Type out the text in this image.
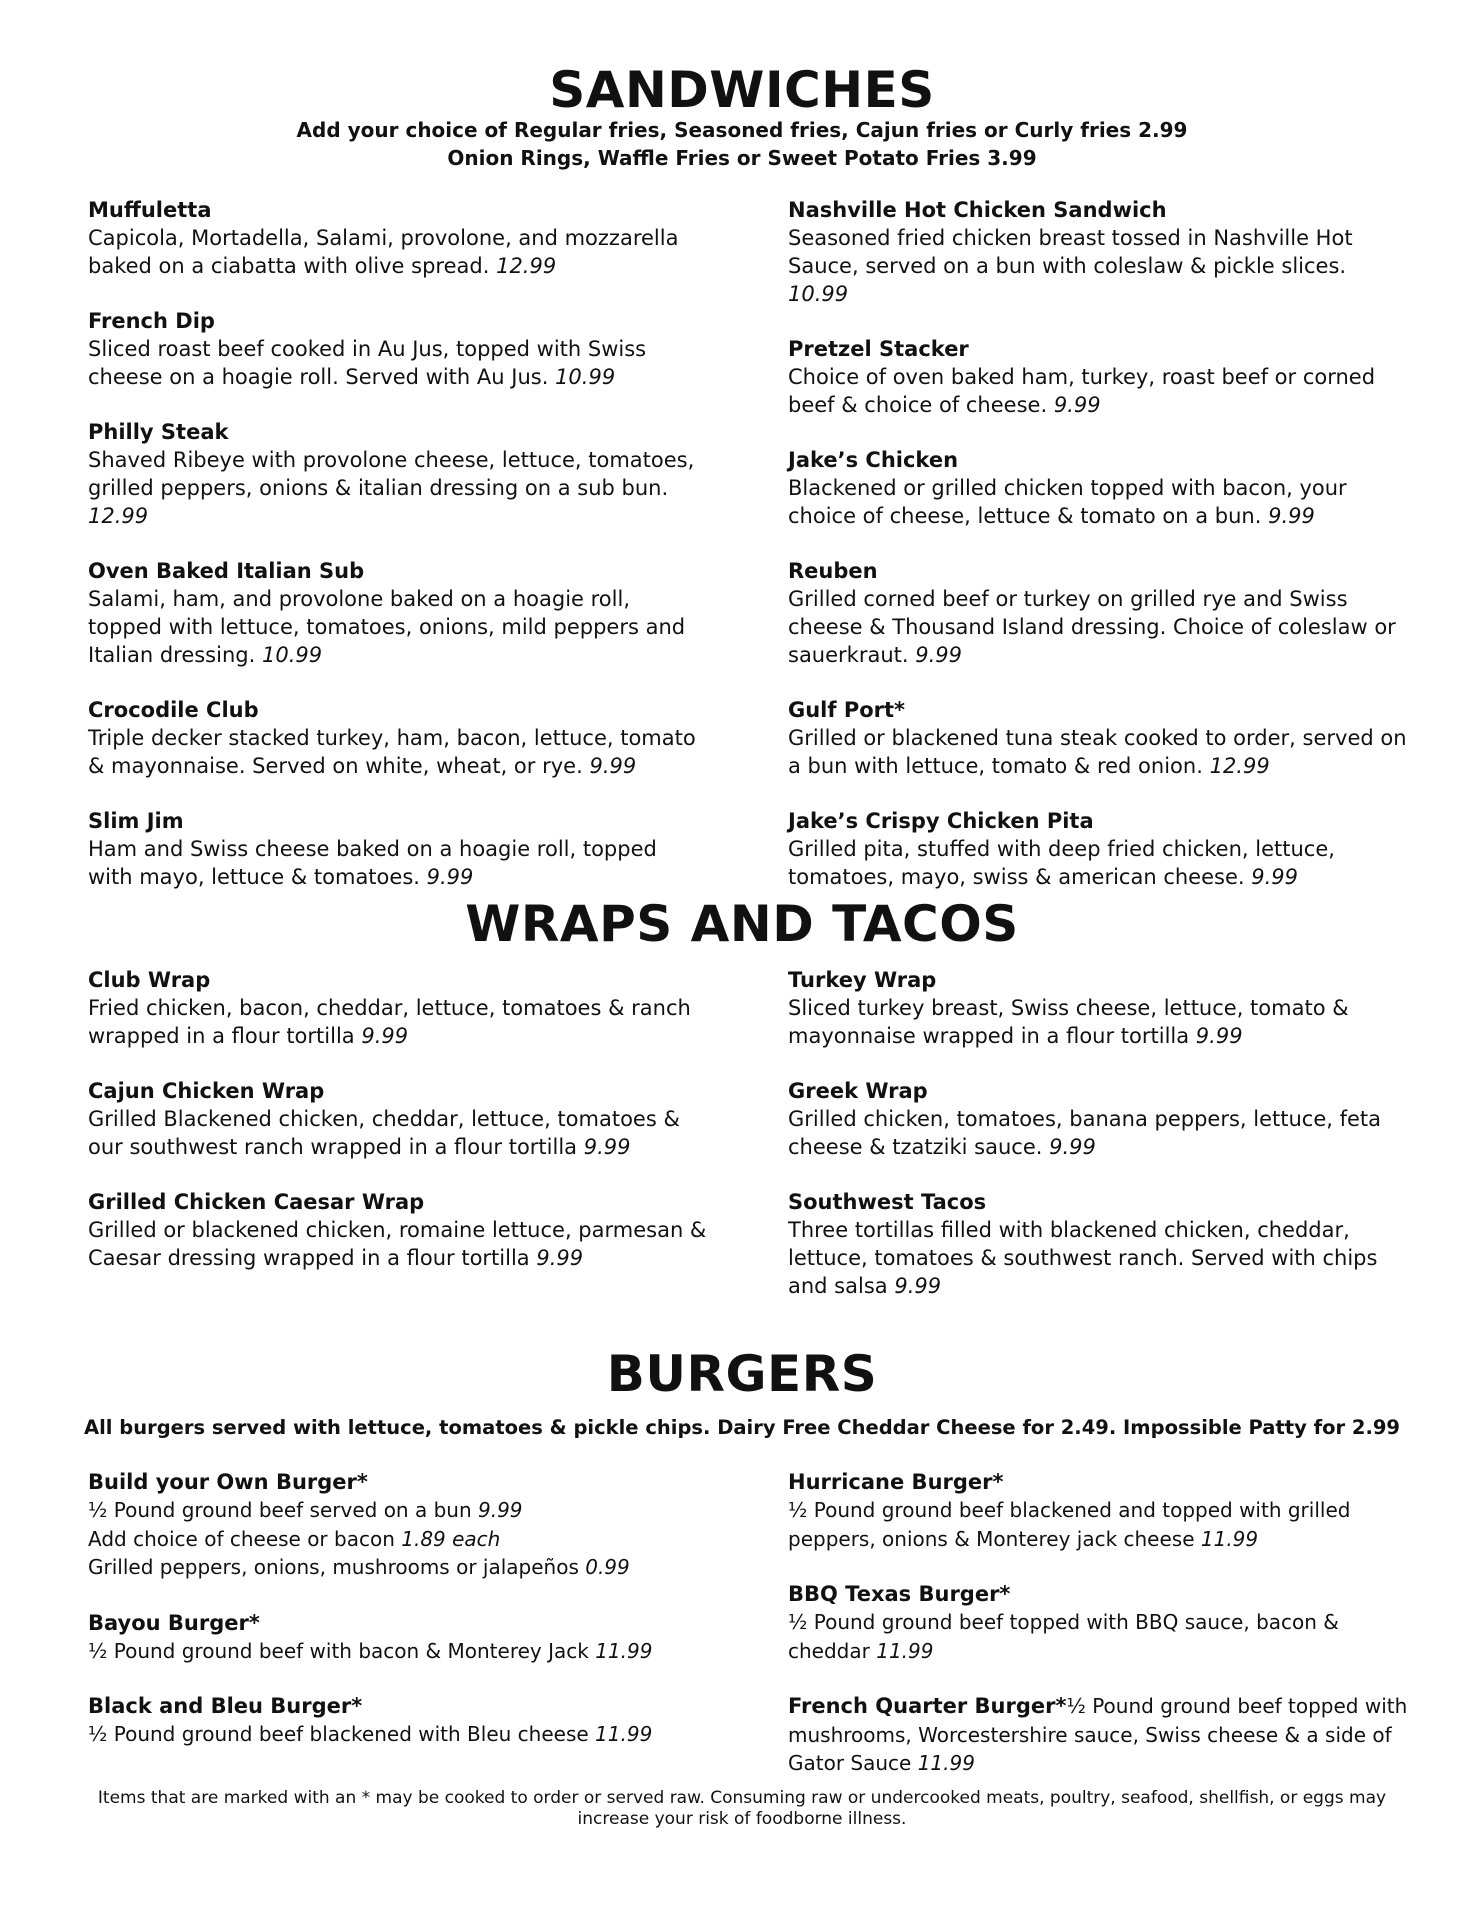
SANDWICHES
Add your choice of Regular fries, Seasoned fries, Cajun fries or Curly fries 2.99
Onion Rings, Waffle Fries or Sweet Potato Fries 3.99
Muffuletta
Capicola, Mortadella, Salami, provolone, and mozzarella baked on a ciabatta with olive spread. 12.99
French Dip
Sliced roast beef cooked in Au Jus, topped with Swiss cheese on a hoagie roll. Served with Au Jus. 10.99
Philly Steak
Shaved Ribeye with provolone cheese, lettuce, tomatoes, grilled peppers, onions & italian dressing on a sub bun. 12.99
Oven Baked Italian Sub
Salami, ham, and provolone baked on a hoagie roll, topped with lettuce, tomatoes, onions, mild peppers and Italian dressing. 10.99
Crocodile Club
Triple decker stacked turkey, ham, bacon, lettuce, tomato & mayonnaise. Served on white, wheat, or rye. 9.99
Slim Jim
Ham and Swiss cheese baked on a hoagie roll, topped with mayo, lettuce & tomatoes. 9.99
Nashville Hot Chicken Sandwich
Seasoned fried chicken breast tossed in Nashville Hot Sauce, served on a bun with coleslaw & pickle slices. 10.99
Pretzel Stacker
Choice of oven baked ham, turkey, roast beef or corned beef & choice of cheese. 9.99
Jake’s Chicken
Blackened or grilled chicken topped with bacon, your choice of cheese, lettuce & tomato on a bun. 9.99
Reuben
Grilled corned beef or turkey on grilled rye and Swiss cheese & Thousand Island dressing. Choice of coleslaw or sauerkraut. 9.99
Gulf Port*
Grilled or blackened tuna steak cooked to order, served on a bun with lettuce, tomato & red onion. 12.99
Jake’s Crispy Chicken Pita
Grilled pita, stuffed with deep fried chicken, lettuce, tomatoes, mayo, swiss & american cheese. 9.99
WRAPS AND TACOS
Club Wrap
Fried chicken, bacon, cheddar, lettuce, tomatoes & ranch wrapped in a flour tortilla 9.99
Cajun Chicken Wrap
Grilled Blackened chicken, cheddar, lettuce, tomatoes & our southwest ranch wrapped in a flour tortilla 9.99
Grilled Chicken Caesar Wrap
Grilled or blackened chicken, romaine lettuce, parmesan & Caesar dressing wrapped in a flour tortilla 9.99
Turkey Wrap
Sliced turkey breast, Swiss cheese, lettuce, tomato & mayonnaise wrapped in a flour tortilla 9.99
Greek Wrap
Grilled chicken, tomatoes, banana peppers, lettuce, feta cheese & tzatziki sauce. 9.99
Southwest Tacos
Three tortillas filled with blackened chicken, cheddar, lettuce, tomatoes & southwest ranch. Served with chips and salsa 9.99
BURGERS
All burgers served with lettuce, tomatoes & pickle chips. Dairy Free Cheddar Cheese for 2.49. Impossible Patty for 2.99
Build your Own Burger*
½ Pound ground beef served on a bun 9.99
Add choice of cheese or bacon 1.89 each
Grilled peppers, onions, mushrooms or jalapeños 0.99
Bayou Burger*
½ Pound ground beef with bacon & Monterey Jack 11.99
Black and Bleu Burger*
½ Pound ground beef blackened with Bleu cheese 11.99
Hurricane Burger*
½ Pound ground beef blackened and topped with grilled peppers, onions & Monterey jack cheese 11.99
BBQ Texas Burger*
½ Pound ground beef topped with BBQ sauce, bacon & cheddar 11.99
French Quarter Burger*½ Pound ground beef topped with mushrooms, Worcestershire sauce, Swiss cheese & a side of Gator Sauce 11.99
Items that are marked with an * may be cooked to order or served raw. Consuming raw or undercooked meats, poultry, seafood, shellfish, or eggs may increase your risk of foodborne illness.
